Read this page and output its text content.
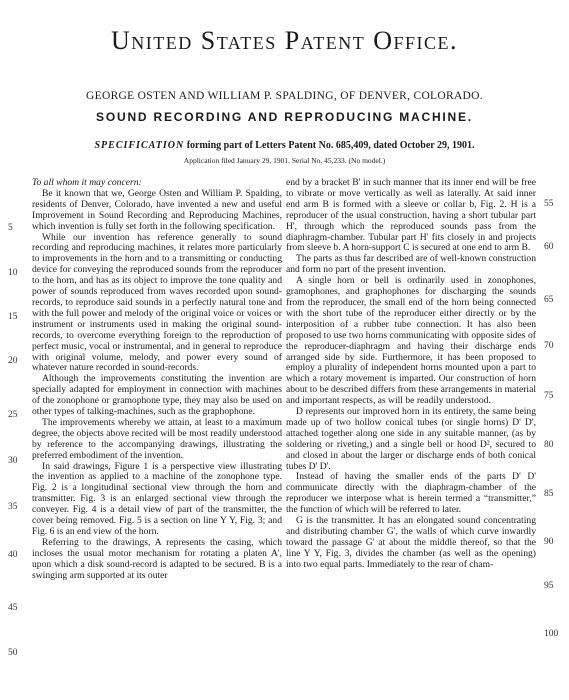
United States Patent Office.
GEORGE OSTEN AND WILLIAM P. SPALDING, OF DENVER, COLORADO.
SOUND RECORDING AND REPRODUCING MACHINE.
SPECIFICATION forming part of Letters Patent No. 685,409, dated October 29, 1901.
Application filed January 29, 1901. Serial No. 45,233. (No model.)

To all whom it may concern:

Be it known that we, George Osten and William P. Spalding, residents of Denver, Colorado, have invented a new and useful Improvement in Sound Recording and Reproducing Machines, which invention is fully set forth in the following specification.

While our invention has reference generally to sound recording and reproducing machines, it relates more particularly to improvements in the horn and to a transmitting or conducting device for conveying the reproduced sounds from the reproducer to the horn, and has as its object to improve the tone quality and power of sounds reproduced from waves recorded upon sound-records, to reproduce said sounds in a perfectly natural tone and with the full power and melody of the original voice or voices or instrument or instruments used in making the original sound-records, to overcome everything foreign to the reproduction of perfect music, vocal or instrumental, and in general to reproduce with original volume, melody, and power every sound of whatever nature recorded in sound-records.

Although the improvements constituting the invention are specially adapted for employment in connection with machines of the zonophone or gramophone type, they may also be used on other types of talking-machines, such as the graphophone.

The improvements whereby we attain, at least to a maximum degree, the objects above recited will be most readily understood by reference to the accompanying drawings, illustrating the preferred embodiment of the invention.

In said drawings, Figure 1 is a perspective view illustrating the invention as applied to a machine of the zonophone type. Fig. 2 is a longitudinal sectional view through the horn and transmitter. Fig. 3 is an enlarged sectional view through the conveyer. Fig. 4 is a detail view of part of the transmitter, the cover being removed. Fig. 5 is a section on line Y Y, Fig. 3; and Fig. 6 is an end view of the horn.

Referring to the drawings, A represents the casing, which incloses the usual motor mechanism for rotating a platen A', upon which a disk sound-record is adapted to be secured. B is a swinging arm supported at its outer

end by a bracket B' in such manner that its inner end will be free to vibrate or move vertically as well as laterally. At said inner end arm B is formed with a sleeve or collar b, Fig. 2. H is a reproducer of the usual construction, having a short tubular part H', through which the reproduced sounds pass from the diaphragm-chamber. Tubular part H' fits closely in and projects from sleeve b. A horn-support C is secured at one end to arm B.

The parts as thus far described are of well-known construction and form no part of the present invention.

A single horn or bell is ordinarily used in zonophones, gramophones, and graphophones for discharging the sounds from the reproducer, the small end of the horn being connected with the short tube of the reproducer either directly or by the interposition of a rubber tube connection. It has also been proposed to use two horns communicating with opposite sides of the reproducer-diaphragm and having their discharge ends arranged side by side. Furthermore, it has been proposed to employ a plurality of independent horns mounted upon a part to which a rotary movement is imparted. Our construction of horn about to be described differs from these arrangements in material and important respects, as will be readily understood.

D represents our improved horn in its entirety, the same being made up of two hollow conical tubes (or single horns) D' D', attached together along one side in any suitable manner, (as by soldering or riveting,) and a single bell or hood D², secured to and closed in about the larger or discharge ends of both conical tubes D' D'.

Instead of having the smaller ends of the parts D' D' communicate directly with the diaphragm-chamber of the reproducer we interpose what is herein termed a “transmitter,” the function of which will be referred to later.

G is the transmitter. It has an elongated sound concentrating and distributing chamber G', the walls of which curve inwardly toward the passage G' at about the middle thereof, so that the line Y Y, Fig. 3, divides the chamber (as well as the opening) into two equal parts. Immediately to the rear of cham-

5
10
15
20
25
30
35
40
45
50
55
60
65
70
75
80
85
90
95
100
